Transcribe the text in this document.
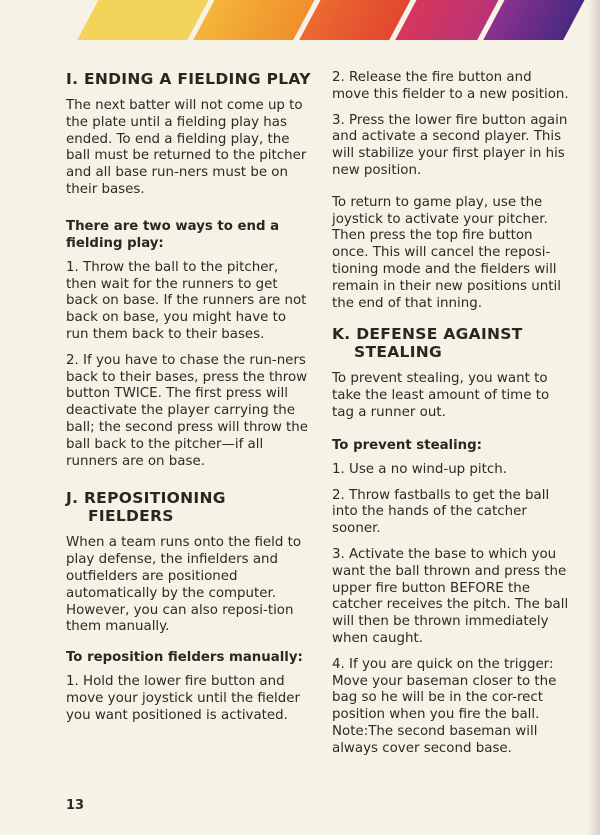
I. ENDING A FIELDING PLAY

The next batter will not come up to the plate until a fielding play has ended. To end a fielding play, the ball must be returned to the pitcher and all base run-ners must be on their bases.

There are two ways to end a fielding play:

1. Throw the ball to the pitcher, then wait for the runners to get back on base. If the runners are not back on base, you might have to run them back to their bases.

2. If you have to chase the run-ners back to their bases, press the throw button TWICE. The first press will deactivate the player carrying the ball; the second press will throw the ball back to the pitcher—if all runners are on base.

J. REPOSITIONING FIELDERS

When a team runs onto the field to play defense, the infielders and outfielders are positioned automatically by the computer. However, you can also reposi-tion them manually.

To reposition fielders manually:

1. Hold the lower fire button and move your joystick until the fielder you want positioned is activated.

2. Release the fire button and move this fielder to a new position.

3. Press the lower fire button again and activate a second player. This will stabilize your first player in his new position.

To return to game play, use the joystick to activate your pitcher. Then press the top fire button once. This will cancel the reposi-tioning mode and the fielders will remain in their new positions until the end of that inning.

K. DEFENSE AGAINST STEALING

To prevent stealing, you want to take the least amount of time to tag a runner out.

To prevent stealing:

1. Use a no wind-up pitch.

2. Throw fastballs to get the ball into the hands of the catcher sooner.

3. Activate the base to which you want the ball thrown and press the upper fire button BEFORE the catcher receives the pitch. The ball will then be thrown immediately when caught.

4. If you are quick on the trigger: Move your baseman closer to the bag so he will be in the cor-rect position when you fire the ball. Note:The second baseman will always cover second base.

13
